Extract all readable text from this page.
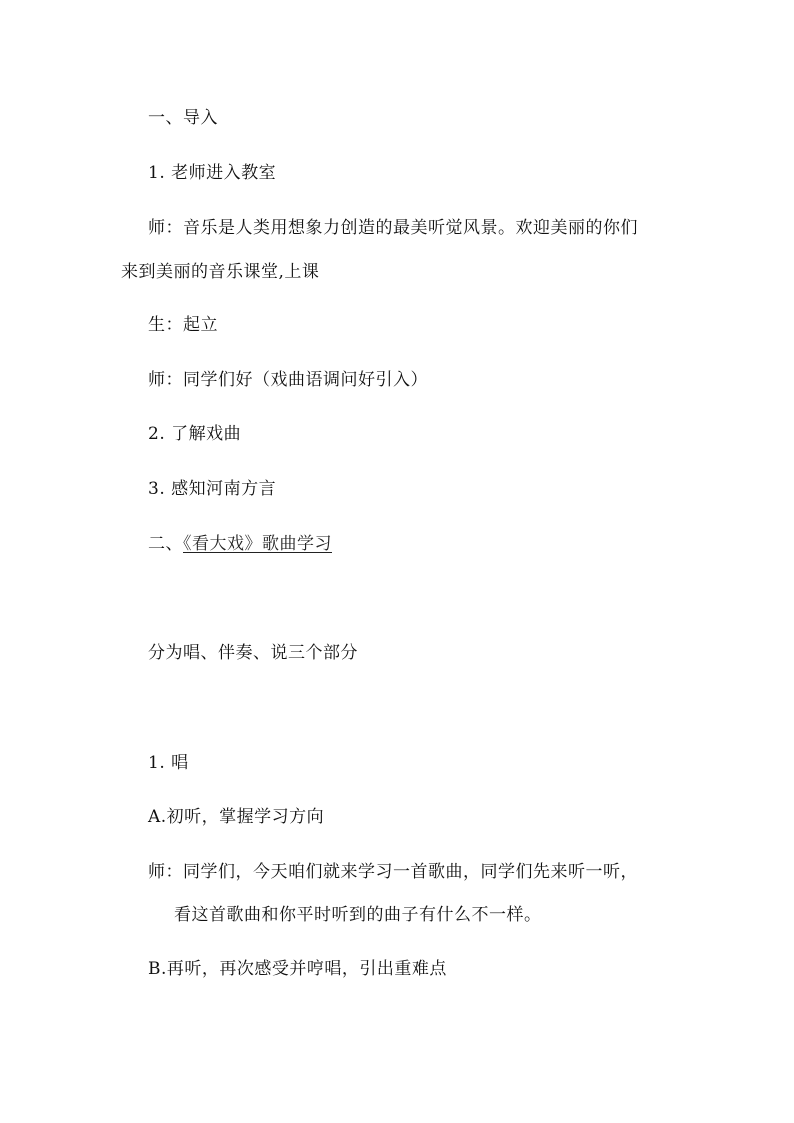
一、导入
1. 老师进入教室
师：音乐是人类用想象力创造的最美听觉风景。欢迎美丽的你们
来到美丽的音乐课堂,上课
生：起立
师：同学们好（戏曲语调问好引入）
2. 了解戏曲
3. 感知河南方言
二、《看大戏》歌曲学习
分为唱、伴奏、说三个部分
1. 唱
A.初听，掌握学习方向
师：同学们，今天咱们就来学习一首歌曲，同学们先来听一听，
看这首歌曲和你平时听到的曲子有什么不一样。
B.再听，再次感受并哼唱，引出重难点
